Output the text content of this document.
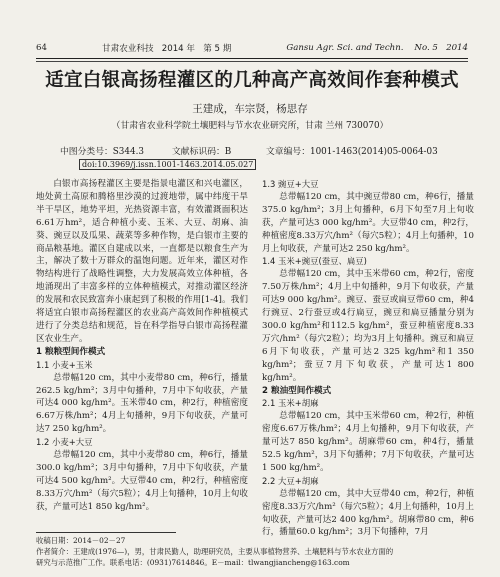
64	甘肃农业科技 2014 年 第 5 期	Gansu Agr. Sci. and Techn. No. 5 2014
适宜白银高扬程灌区的几种高产高效间作套种模式
王建成，车宗贤，杨思存
（甘肃省农业科学院土壤肥料与节水农业研究所，甘肃 兰州 730070）
中图分类号：S344.3	文献标识码：B	文章编号：1001-1463(2014)05-0064-03
doi:10.3969/j.issn.1001-1463.2014.05.027

白银市高扬程灌区主要是指景电灌区和兴电灌区，地处黄土高原和腾格里沙漠的过渡地带，属中纬度干旱半干旱区，地势平坦，光热资源丰富，有效灌溉面积达6.61万hm²，适合种植小麦、玉米、大豆、胡麻、油葵、豌豆以及瓜果、蔬菜等多种作物，是白银市主要的商品粮基地。灌区自建成以来，一直都是以粮食生产为主，解决了数十万群众的温饱问题。近年来，灌区对作物结构进行了战略性调整，大力发展高效立体种植，各地涌现出了丰富多样的立体种植模式，对推动灌区经济的发展和农民致富奔小康起到了积极的作用[1-4]。我们将适宜白银市高扬程灌区的农业高产高效间作种植模式进行了分类总结和规范，旨在科学指导白银市高扬程灌区农业生产。

1 粮粮型间作模式

1.1 小麦+玉米

总带幅120 cm，其中小麦带80 cm，种6行，播量262.5 kg/hm²；3月中旬播种，7月中下旬收获，产量可达4 000 kg/hm²。玉米带40 cm，种2行，种植密度6.67万株/hm²；4月上旬播种，9月下旬收获，产量可达7 250 kg/hm²。

1.2 小麦+大豆

总带幅120 cm，其中小麦带80 cm，种6行，播量300.0 kg/hm²；3月中旬播种，7月中下旬收获，产量可达4 500 kg/hm²。大豆带40 cm，种2行，种植密度8.33万穴/hm²（每穴5粒）；4月上旬播种，10月上旬收获，产量可达1 850 kg/hm²。

1.3 豌豆+大豆

总带幅120 cm，其中豌豆带80 cm，种6行，播量375.0 kg/hm²；3月上旬播种，6月下旬至7月上旬收获，产量可达3 000 kg/hm²。大豆带40 cm，种2行，种植密度8.33万穴/hm²（每穴5粒）；4月上旬播种，10月上旬收获，产量可达2 250 kg/hm²。

1.4 玉米+豌豆(蚕豆、扁豆)

总带幅120 cm，其中玉米带60 cm，种2行，密度7.50万株/hm²；4月上中旬播种，9月下旬收获，产量可达9 000 kg/hm²。豌豆、蚕豆或扁豆带60 cm，种4行豌豆、2行蚕豆或4行扁豆，豌豆和扁豆播量分别为300.0 kg/hm²和112.5 kg/hm²，蚕豆种植密度8.33万穴/hm²（每穴2粒）；均为3月上旬播种。豌豆和扁豆6月下旬收获，产量可达2 325 kg/hm²和1 350 kg/hm²；蚕豆7月下旬收获，产量可达1 800 kg/hm²。

2 粮油型间作模式

2.1 玉米+胡麻

总带幅120 cm，其中玉米带60 cm，种2行，种植密度6.67万株/hm²；4月上旬播种，9月下旬收获，产量可达7 850 kg/hm²。胡麻带60 cm，种4行，播量52.5 kg/hm²，3月下旬播种；7月下旬收获，产量可达1 500 kg/hm²。

2.2 大豆+胡麻

总带幅120 cm，其中大豆带40 cm，种2行，种植密度8.33万穴/hm²（每穴5粒）；4月上旬播种，10月上旬收获，产量可达2 400 kg/hm²。胡麻带80 cm，种6行，播量60.0 kg/hm²；3月下旬播种，7月

收稿日期：2014－02－27
作者简介：王建成(1976—)，男，甘肃民勤人，助理研究员，主要从事植物营养、土壤肥料与节水农业方面的
研究与示范推广工作。联系电话：(0931)7614846。E－mail：tlwangjiancheng@163.com
